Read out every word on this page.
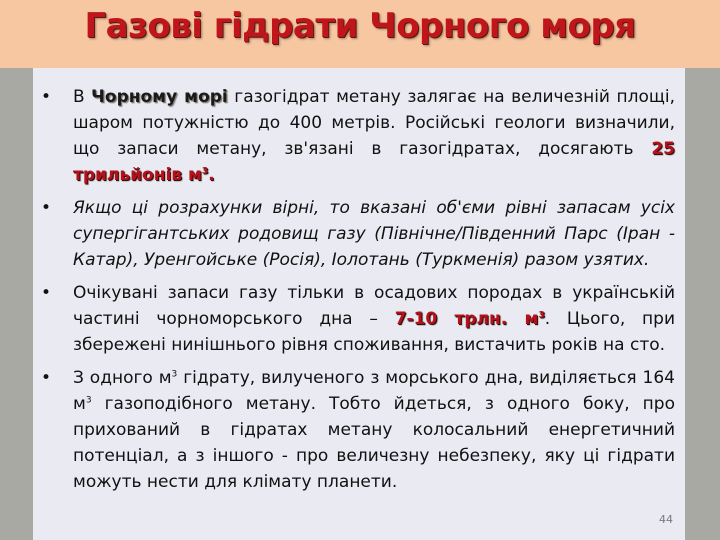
Газові гідрати Чорного моря
• В Чорному морі газогідрат метану залягає на величезній площі, шаром потужністю до 400 метрів. Російські геологи визначили, що запаси метану, зв'язані в газогідратах, досягають 25 трильйонів $м^3$.
• Якщо ці розрахунки вірні, то вказані об'єми рівні запасам усіх супергігантських родовищ газу (Північне/Південний Парс (Іран - Катар), Уренгойське (Росія), Іолотань (Туркменія) разом узятих.
• Очікувані запаси газу тільки в осадових породах в українській частині чорноморського дна – 7-10 трлн. $м^3$. Цього, при збережені нинішнього рівня споживання, вистачить років на сто.
• З одного $м^3$ гідрату, вилученого з морського дна, виділяється 164 $м^3$ газоподібного метану. Тобто йдеться, з одного боку, про прихований в гідратах метану колосальний енергетичний потенціал, а з іншого - про величезну небезпеку, яку ці гідрати можуть нести для клімату планети.
44
